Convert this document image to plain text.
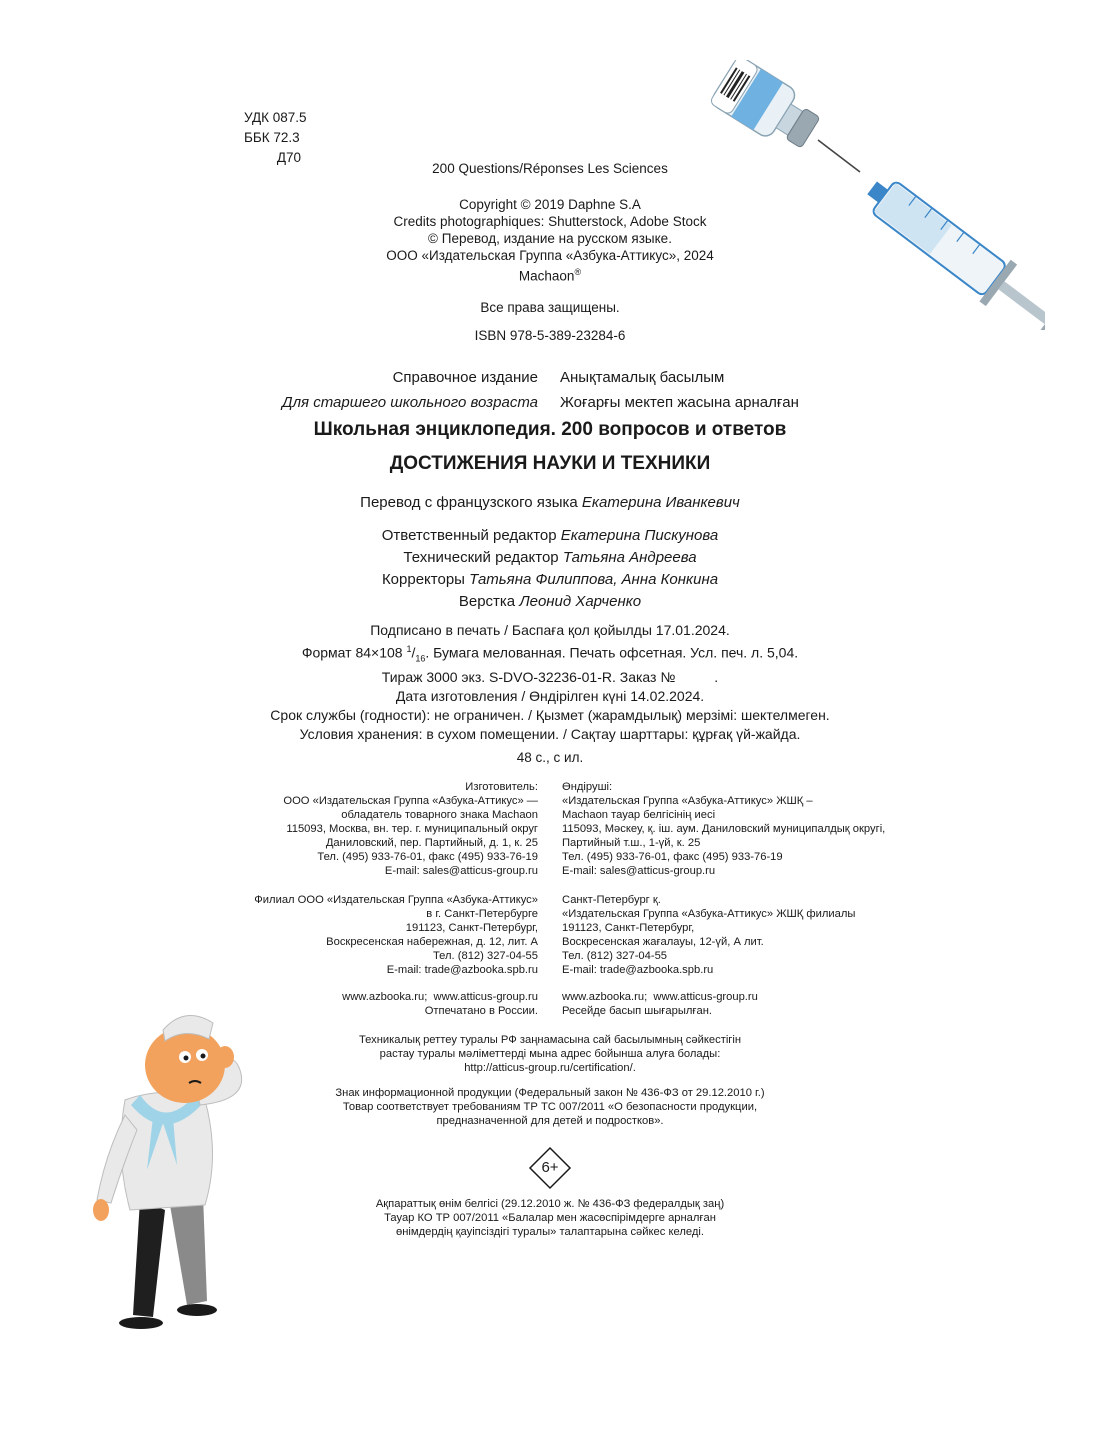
УДК 087.5
ББК 72.3
Д70
200 Questions/Réponses Les Sciences
Copyright © 2019 Daphne S.A
Credits photographiques: Shutterstock, Adobe Stock
© Перевод, издание на русском языке.
ООО «Издательская Группа «Азбука-Аттикус», 2024
Machaon®
Все права защищены.
ISBN 978-5-389-23284-6
Справочное издание Анықтамалық басылым
Для старшего школьного возраста Жоғарғы мектеп жасына арналған
Школьная энциклопедия. 200 вопросов и ответов
ДОСТИЖЕНИЯ НАУКИ И ТЕХНИКИ
Перевод с французского языка Екатерина Иванкевич
Ответственный редактор Екатерина Пискунова
Технический редактор Татьяна Андреева
Корректоры Татьяна Филиппова, Анна Конкина
Верстка Леонид Харченко
Подписано в печать / Баспаға қол қойылды 17.01.2024.
Формат 84×108 $^1/_{16}$. Бумага мелованная. Печать офсетная. Усл. печ. л. 5,04.
Тираж 3000 экз. S-DVO-32236-01-R. Заказ №          .
Дата изготовления / Өндірілген күні 14.02.2024.
Срок службы (годности): не ограничен. / Қызмет (жарамдылық) мерзімі: шектелмеген.
Условия хранения: в сухом помещении. / Сақтау шарттары: құрғақ үй-жайда.
48 с., с ил.
Изготовитель:
ООО «Издательская Группа «Азбука-Аттикус» —
обладатель товарного знака Machaon
115093, Москва, вн. тер. г. муниципальный округ
Даниловский, пер. Партийный, д. 1, к. 25
Тел. (495) 933-76-01, факс (495) 933-76-19
E-mail: sales@atticus-group.ru
Өндіруші:
«Издательская Группа «Азбука-Аттикус» ЖШҚ –
Machaon тауар белгісінің иесі
115093, Мәскеу, қ. іш. аум. Даниловский муниципалдық округі,
Партийный т.ш., 1-үй, к. 25
Тел. (495) 933-76-01, факс (495) 933-76-19
E-mail: sales@atticus-group.ru
Филиал ООО «Издательская Группа «Азбука-Аттикус»
в г. Санкт-Петербурге
191123, Санкт-Петербург,
Воскресенская набережная, д. 12, лит. А
Тел. (812) 327-04-55
E-mail: trade@azbooka.spb.ru
Санкт-Петербург қ.
«Издательская Группа «Азбука-Аттикус» ЖШҚ филиалы
191123, Санкт-Петербург,
Воскресенская жағалауы, 12-үй, А лит.
Тел. (812) 327-04-55
E-mail: trade@azbooka.spb.ru
www.azbooka.ru;  www.atticus-group.ru
Отпечатано в России.
www.azbooka.ru;  www.atticus-group.ru
Ресейде басып шығарылған.
Техникалық реттеу туралы РФ заңнамасына сай басылымның сәйкестігін
растау туралы мәліметтерді мына адрес бойынша алуға болады:
http://atticus-group.ru/certification/.
Знак информационной продукции (Федеральный закон № 436-ФЗ от 29.12.2010 г.)
Товар соответствует требованиям ТР ТС 007/2011 «О безопасности продукции,
предназначенной для детей и подростков».
6+
Ақпараттық өнім белгісі (29.12.2010 ж. № 436-ФЗ федералдық заң)
Тауар КО ТР 007/2011 «Балалар мен жасөспірімдерге арналған
өнімдердің қауіпсіздігі туралы» талаптарына сәйкес келеді.
